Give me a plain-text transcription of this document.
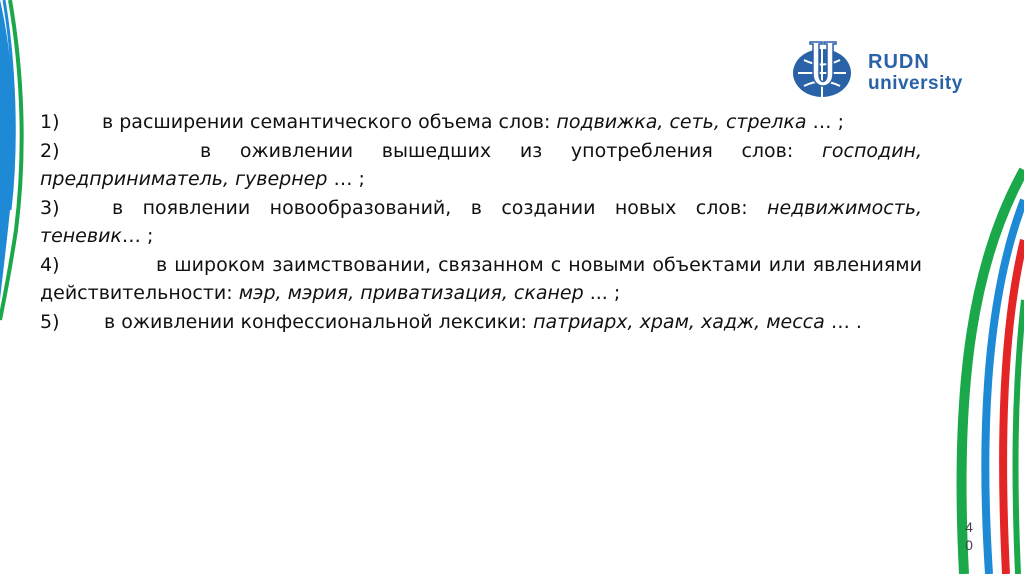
RUDN
university

1) в расширении семантического объема слов: подвижка, сеть, стрелка … ;

2)	в оживлении вышедших из употребления слов: господин, предприниматель, гувернер … ;

3)	в появлении новообразований, в создании новых слов: недвижимость, теневик… ;

4)	в широком заимствовании, связанном с новыми объектами или явлениями действительности: мэр, мэрия, приватизация, сканер ... ;

5) в оживлении конфессиональной лексики: патриарх, храм, хадж, месса … .

4
0
